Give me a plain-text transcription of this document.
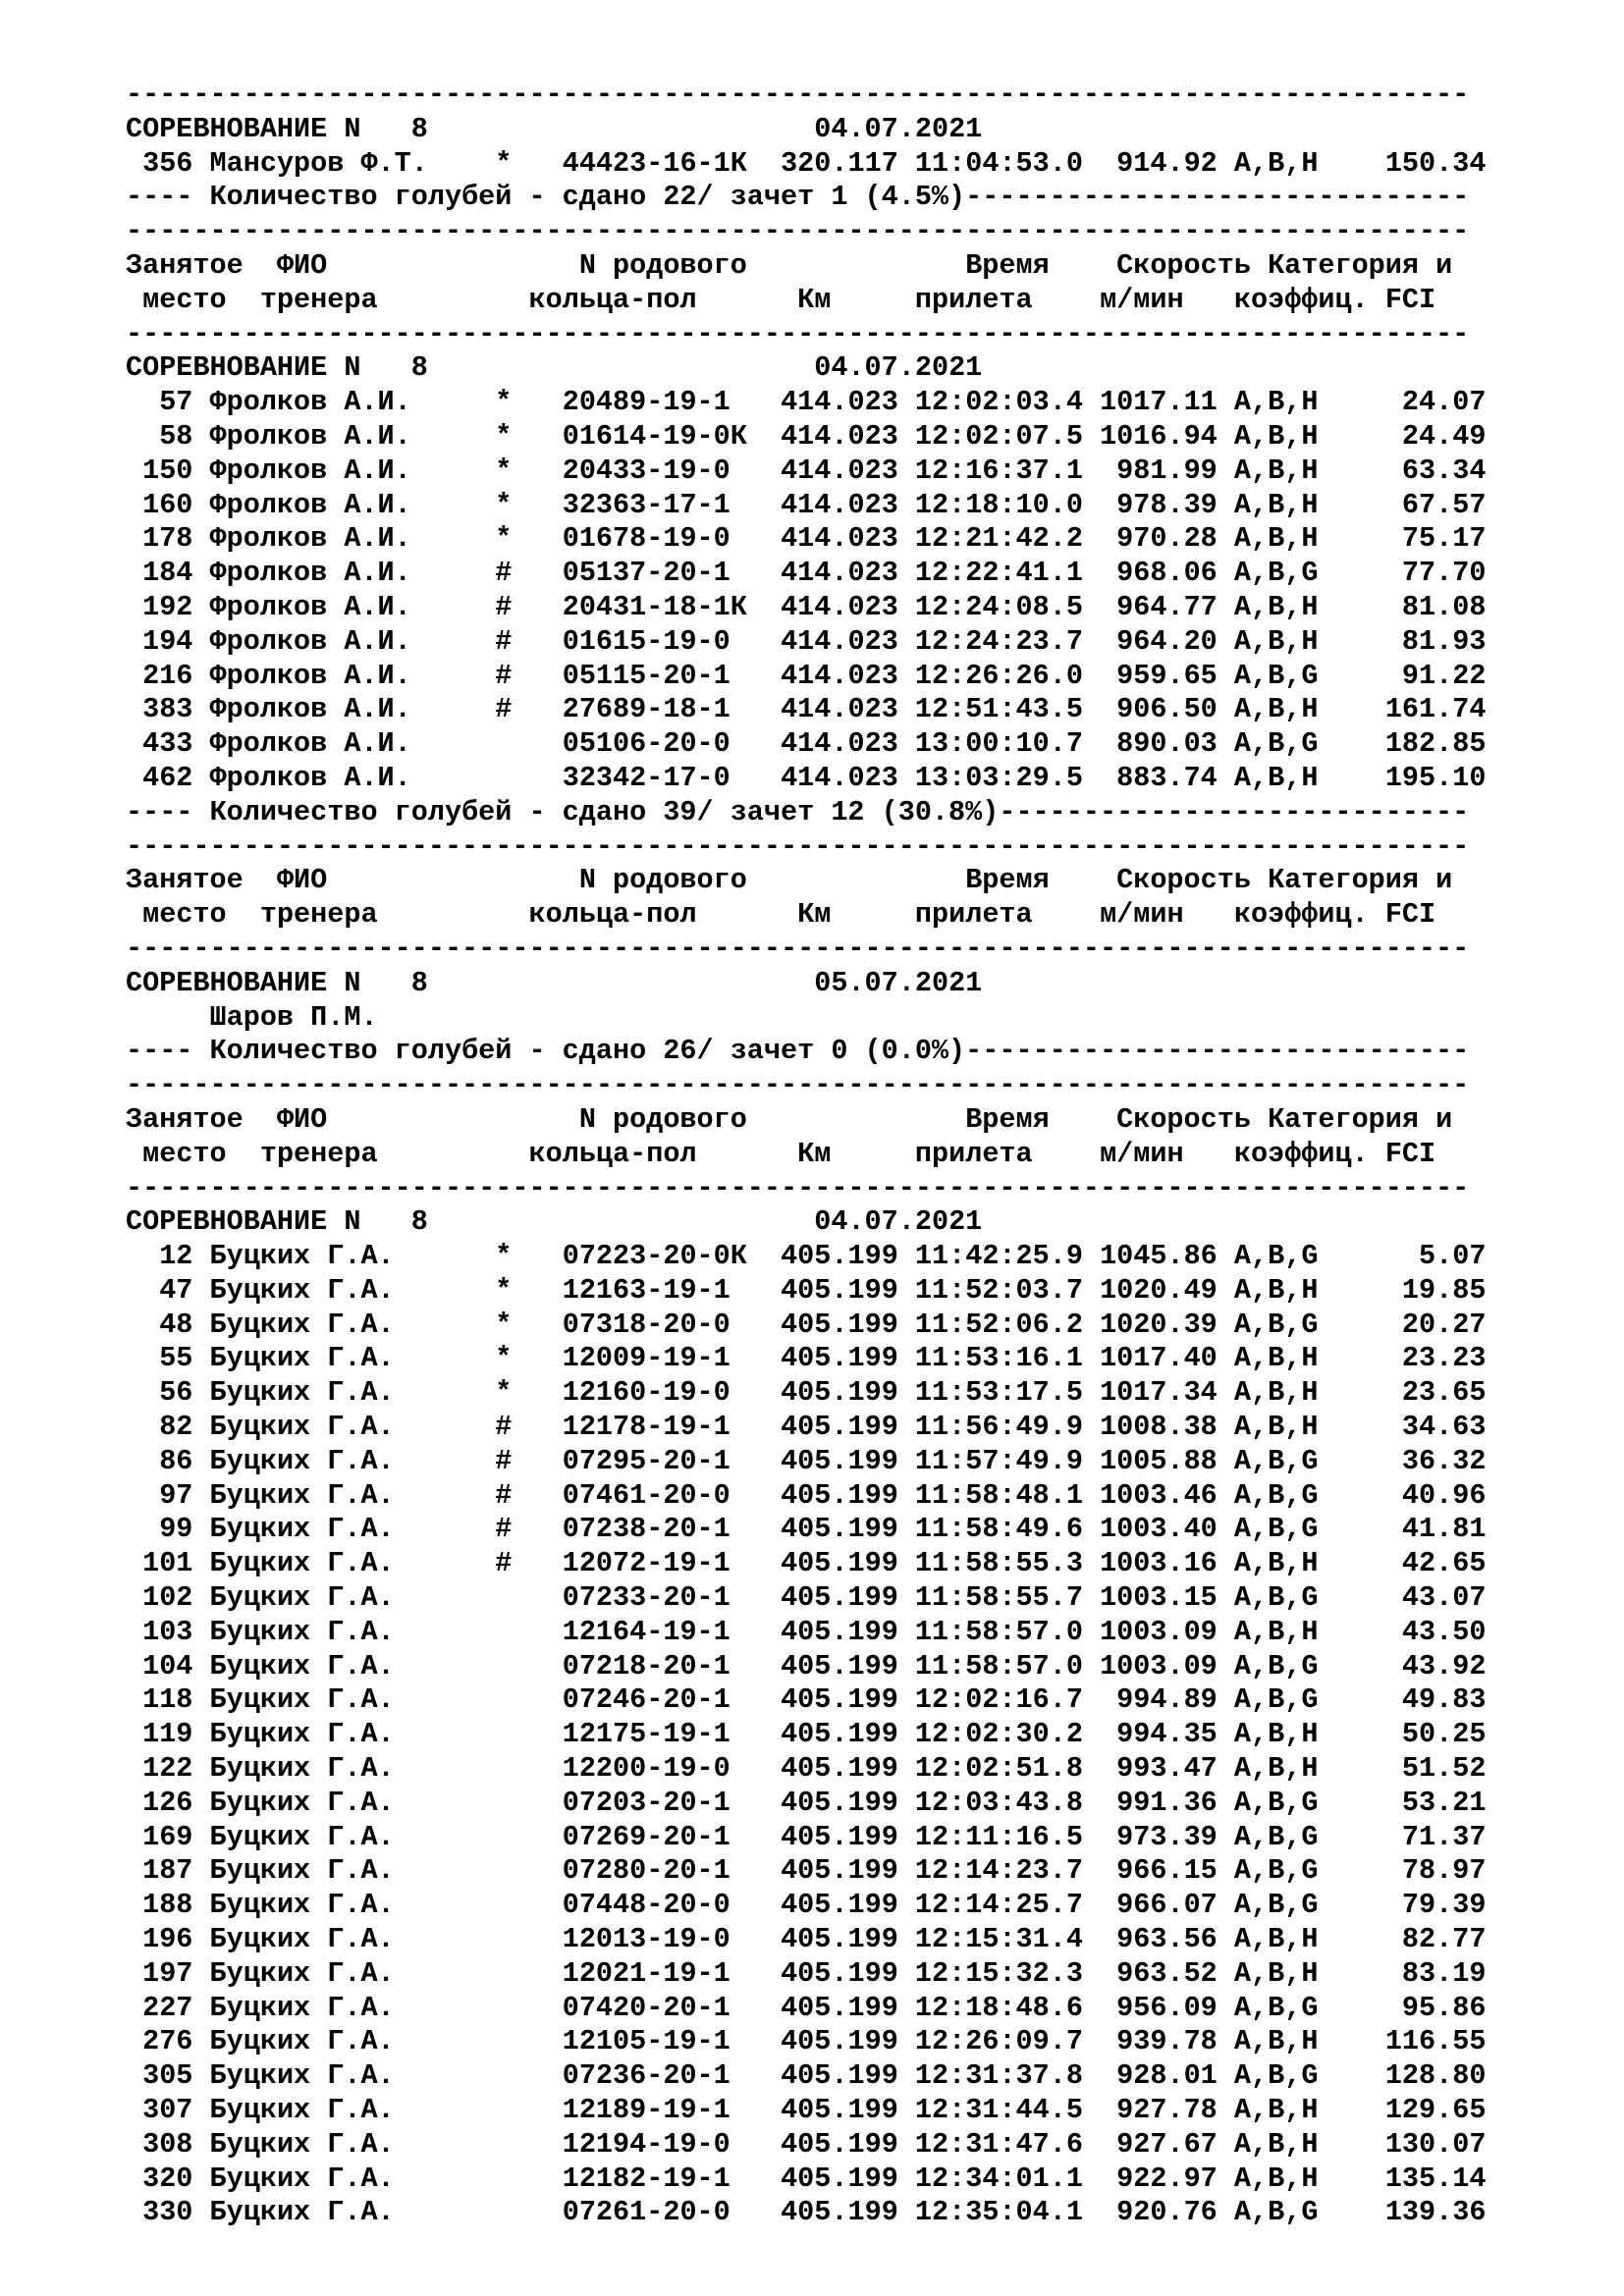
--------------------------------------------------------------------------------
СОРЕВНОВАНИЕ N 8	04.07.2021
356 Мансуров Ф.Т.    * 44423-16-1К 320.117 11:04:53.0  914.92 A,B,H    150.34
---- Количество голубей - сдано 22/ зачет 1 (4.5%)------------------------------
--------------------------------------------------------------------------------
Занятое ФИО	N родового	Время Скорость Категория и
место тренера	кольца-пол	Км	прилета м/мин коэффиц. FCI
--------------------------------------------------------------------------------
СОРЕВНОВАНИЕ N 8	04.07.2021
57 Фролков А.И.     * 20489-19-1   414.023 12:02:03.4 1017.11 A,B,H     24.07
58 Фролков А.И.     * 01614-19-0К 414.023 12:02:07.5 1016.94 A,B,H     24.49
150 Фролков А.И.     * 20433-19-0   414.023 12:16:37.1  981.99 A,B,H     63.34
160 Фролков А.И.     * 32363-17-1   414.023 12:18:10.0  978.39 A,B,H     67.57
178 Фролков А.И.     * 01678-19-0   414.023 12:21:42.2  970.28 A,B,H     75.17
184 Фролков А.И.     # 05137-20-1   414.023 12:22:41.1  968.06 A,B,G     77.70
192 Фролков А.И.     # 20431-18-1К 414.023 12:24:08.5  964.77 A,B,H     81.08
194 Фролков А.И.     # 01615-19-0   414.023 12:24:23.7  964.20 A,B,H     81.93
216 Фролков А.И.     # 05115-20-1   414.023 12:26:26.0  959.65 A,B,G     91.22
383 Фролков А.И.     # 27689-18-1   414.023 12:51:43.5  906.50 A,B,H    161.74
433 Фролков А.И.	05106-20-0   414.023 13:00:10.7  890.03 A,B,G    182.85
462 Фролков А.И.	32342-17-0   414.023 13:03:29.5  883.74 A,B,H    195.10
---- Количество голубей - сдано 39/ зачет 12 (30.8%)----------------------------
--------------------------------------------------------------------------------
Занятое ФИО	N родового	Время Скорость Категория и
место тренера	кольца-пол	Км	прилета м/мин коэффиц. FCI
--------------------------------------------------------------------------------
СОРЕВНОВАНИЕ N 8	05.07.2021
Шаров П.М.
---- Количество голубей - сдано 26/ зачет 0 (0.0%)------------------------------
--------------------------------------------------------------------------------
Занятое ФИО	N родового	Время Скорость Категория и
место тренера	кольца-пол	Км	прилета м/мин коэффиц. FCI
--------------------------------------------------------------------------------
СОРЕВНОВАНИЕ N 8	04.07.2021
12 Буцких Г.А.      * 07223-20-0К 405.199 11:42:25.9 1045.86 A,B,G      5.07
47 Буцких Г.А.      * 12163-19-1   405.199 11:52:03.7 1020.49 A,B,H     19.85
48 Буцких Г.А.      * 07318-20-0   405.199 11:52:06.2 1020.39 A,B,G     20.27
55 Буцких Г.А.      * 12009-19-1   405.199 11:53:16.1 1017.40 A,B,H     23.23
56 Буцких Г.А.      * 12160-19-0   405.199 11:53:17.5 1017.34 A,B,H     23.65
82 Буцких Г.А.      # 12178-19-1   405.199 11:56:49.9 1008.38 A,B,H     34.63
86 Буцких Г.А.      # 07295-20-1   405.199 11:57:49.9 1005.88 A,B,G     36.32
97 Буцких Г.А.      # 07461-20-0   405.199 11:58:48.1 1003.46 A,B,G     40.96
99 Буцких Г.А.      # 07238-20-1   405.199 11:58:49.6 1003.40 A,B,G     41.81
101 Буцких Г.А.      # 12072-19-1   405.199 11:58:55.3 1003.16 A,B,H     42.65
102 Буцких Г.А.	07233-20-1   405.199 11:58:55.7 1003.15 A,B,G     43.07
103 Буцких Г.А.	12164-19-1   405.199 11:58:57.0 1003.09 A,B,H     43.50
104 Буцких Г.А.	07218-20-1   405.199 11:58:57.0 1003.09 A,B,G     43.92
118 Буцких Г.А.	07246-20-1   405.199 12:02:16.7  994.89 A,B,G     49.83
119 Буцких Г.А.	12175-19-1   405.199 12:02:30.2  994.35 A,B,H     50.25
122 Буцких Г.А.	12200-19-0   405.199 12:02:51.8  993.47 A,B,H     51.52
126 Буцких Г.А.	07203-20-1   405.199 12:03:43.8  991.36 A,B,G     53.21
169 Буцких Г.А.	07269-20-1   405.199 12:11:16.5  973.39 A,B,G     71.37
187 Буцких Г.А.	07280-20-1   405.199 12:14:23.7  966.15 A,B,G     78.97
188 Буцких Г.А.	07448-20-0   405.199 12:14:25.7  966.07 A,B,G     79.39
196 Буцких Г.А.	12013-19-0   405.199 12:15:31.4  963.56 A,B,H     82.77
197 Буцких Г.А.	12021-19-1   405.199 12:15:32.3  963.52 A,B,H     83.19
227 Буцких Г.А.	07420-20-1   405.199 12:18:48.6  956.09 A,B,G     95.86
276 Буцких Г.А.	12105-19-1   405.199 12:26:09.7  939.78 A,B,H    116.55
305 Буцких Г.А.	07236-20-1   405.199 12:31:37.8  928.01 A,B,G    128.80
307 Буцких Г.А.	12189-19-1   405.199 12:31:44.5  927.78 A,B,H    129.65
308 Буцких Г.А.	12194-19-0   405.199 12:31:47.6  927.67 A,B,H    130.07
320 Буцких Г.А.	12182-19-1   405.199 12:34:01.1  922.97 A,B,H    135.14
330 Буцких Г.А.	07261-20-0   405.199 12:35:04.1  920.76 A,B,G    139.36
